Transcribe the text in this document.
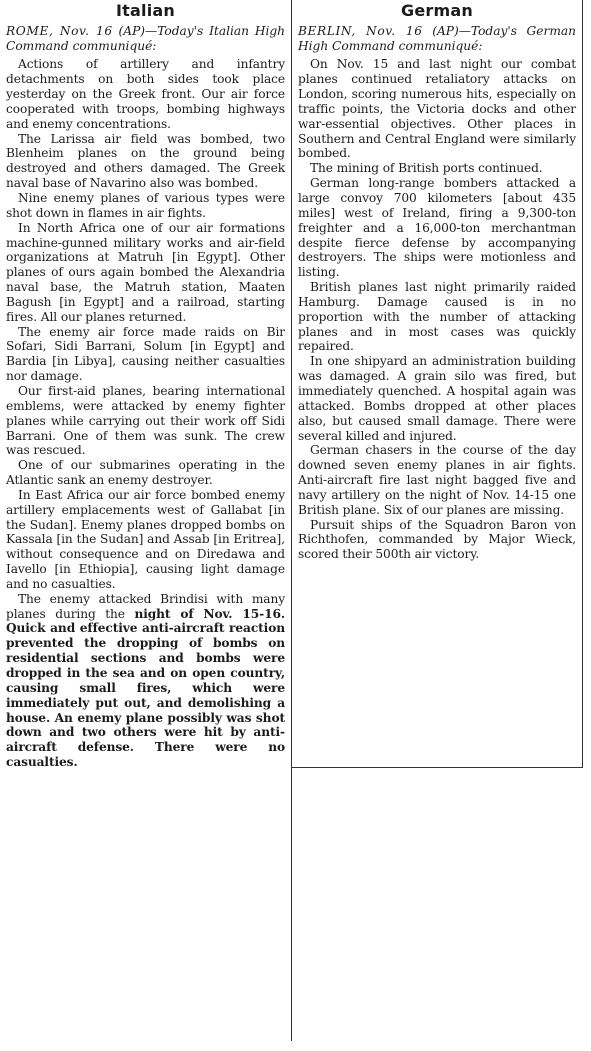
Italian

ROME, Nov. 16 (AP)—Today's Italian High Command communiqué:

Actions of artillery and infantry detachments on both sides took place yesterday on the Greek front. Our air force cooperated with troops, bombing highways and enemy concentrations.

The Larissa air field was bombed, two Blenheim planes on the ground being destroyed and others damaged. The Greek naval base of Navarino also was bombed.

Nine enemy planes of various types were shot down in flames in air fights.

In North Africa one of our air formations machine-gunned military works and air-field organizations at Matruh [in Egypt]. Other planes of ours again bombed the Alexandria naval base, the Matruh station, Maaten Bagush [in Egypt] and a railroad, starting fires. All our planes returned.

The enemy air force made raids on Bir Sofari, Sidi Barrani, Solum [in Egypt] and Bardia [in Libya], causing neither casualties nor damage.

Our first-aid planes, bearing international emblems, were attacked by enemy fighter planes while carrying out their work off Sidi Barrani. One of them was sunk. The crew was rescued.

One of our submarines operating in the Atlantic sank an enemy destroyer.

In East Africa our air force bombed enemy artillery emplacements west of Gallabat [in the Sudan]. Enemy planes dropped bombs on Kassala [in the Sudan] and Assab [in Eritrea], without consequence and on Diredawa and Iavello [in Ethiopia], causing light damage and no casualties.

The enemy attacked Brindisi with many planes during the night of Nov. 15-16. Quick and effective anti-aircraft reaction prevented the dropping of bombs on residential sections and bombs were dropped in the sea and on open country, causing small fires, which were immediately put out, and demolishing a house. An enemy plane possibly was shot down and two others were hit by anti-aircraft defense. There were no casualties.

German

BERLIN, Nov. 16 (AP)—Today's German High Command communiqué:

On Nov. 15 and last night our combat planes continued retaliatory attacks on London, scoring numerous hits, especially on traffic points, the Victoria docks and other war-essential objectives. Other places in Southern and Central England were similarly bombed.

The mining of British ports continued.

German long-range bombers attacked a large convoy 700 kilometers [about 435 miles] west of Ireland, firing a 9,300-ton freighter and a 16,000-ton merchantman despite fierce defense by accompanying destroyers. The ships were motionless and listing.

British planes last night primarily raided Hamburg. Damage caused is in no proportion with the number of attacking planes and in most cases was quickly repaired.

In one shipyard an administration building was damaged. A grain silo was fired, but immediately quenched. A hospital again was attacked. Bombs dropped at other places also, but caused small damage. There were several killed and injured.

German chasers in the course of the day downed seven enemy planes in air fights. Anti-aircraft fire last night bagged five and navy artillery on the night of Nov. 14-15 one British plane. Six of our planes are missing.

Pursuit ships of the Squadron Baron von Richthofen, commanded by Major Wieck, scored their 500th air victory.
